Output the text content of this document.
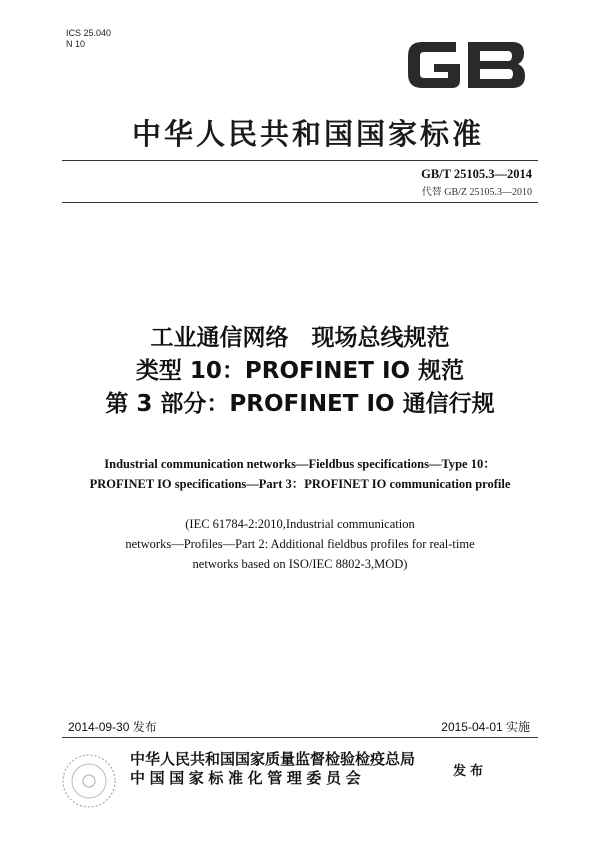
ICS 25.040
N 10
中华人民共和国国家标准
GB/T 25105.3—2014
代替 GB/Z 25105.3—2010
工业通信网络　现场总线规范
类型 10：PROFINET IO 规范
第 3 部分：PROFINET IO 通信行规
Industrial communication networks—Fieldbus specifications—Type 10：
PROFINET IO specifications—Part 3：PROFINET IO communication profile
(IEC 61784-2:2010,Industrial communication
networks—Profiles—Part 2: Additional fieldbus profiles for real-time
networks based on ISO/IEC 8802-3,MOD)
2014-09-30 发布	2015-04-01 实施
中华人民共和国国家质量监督检验检疫总局
中国国家标准化管理委员会	发布
